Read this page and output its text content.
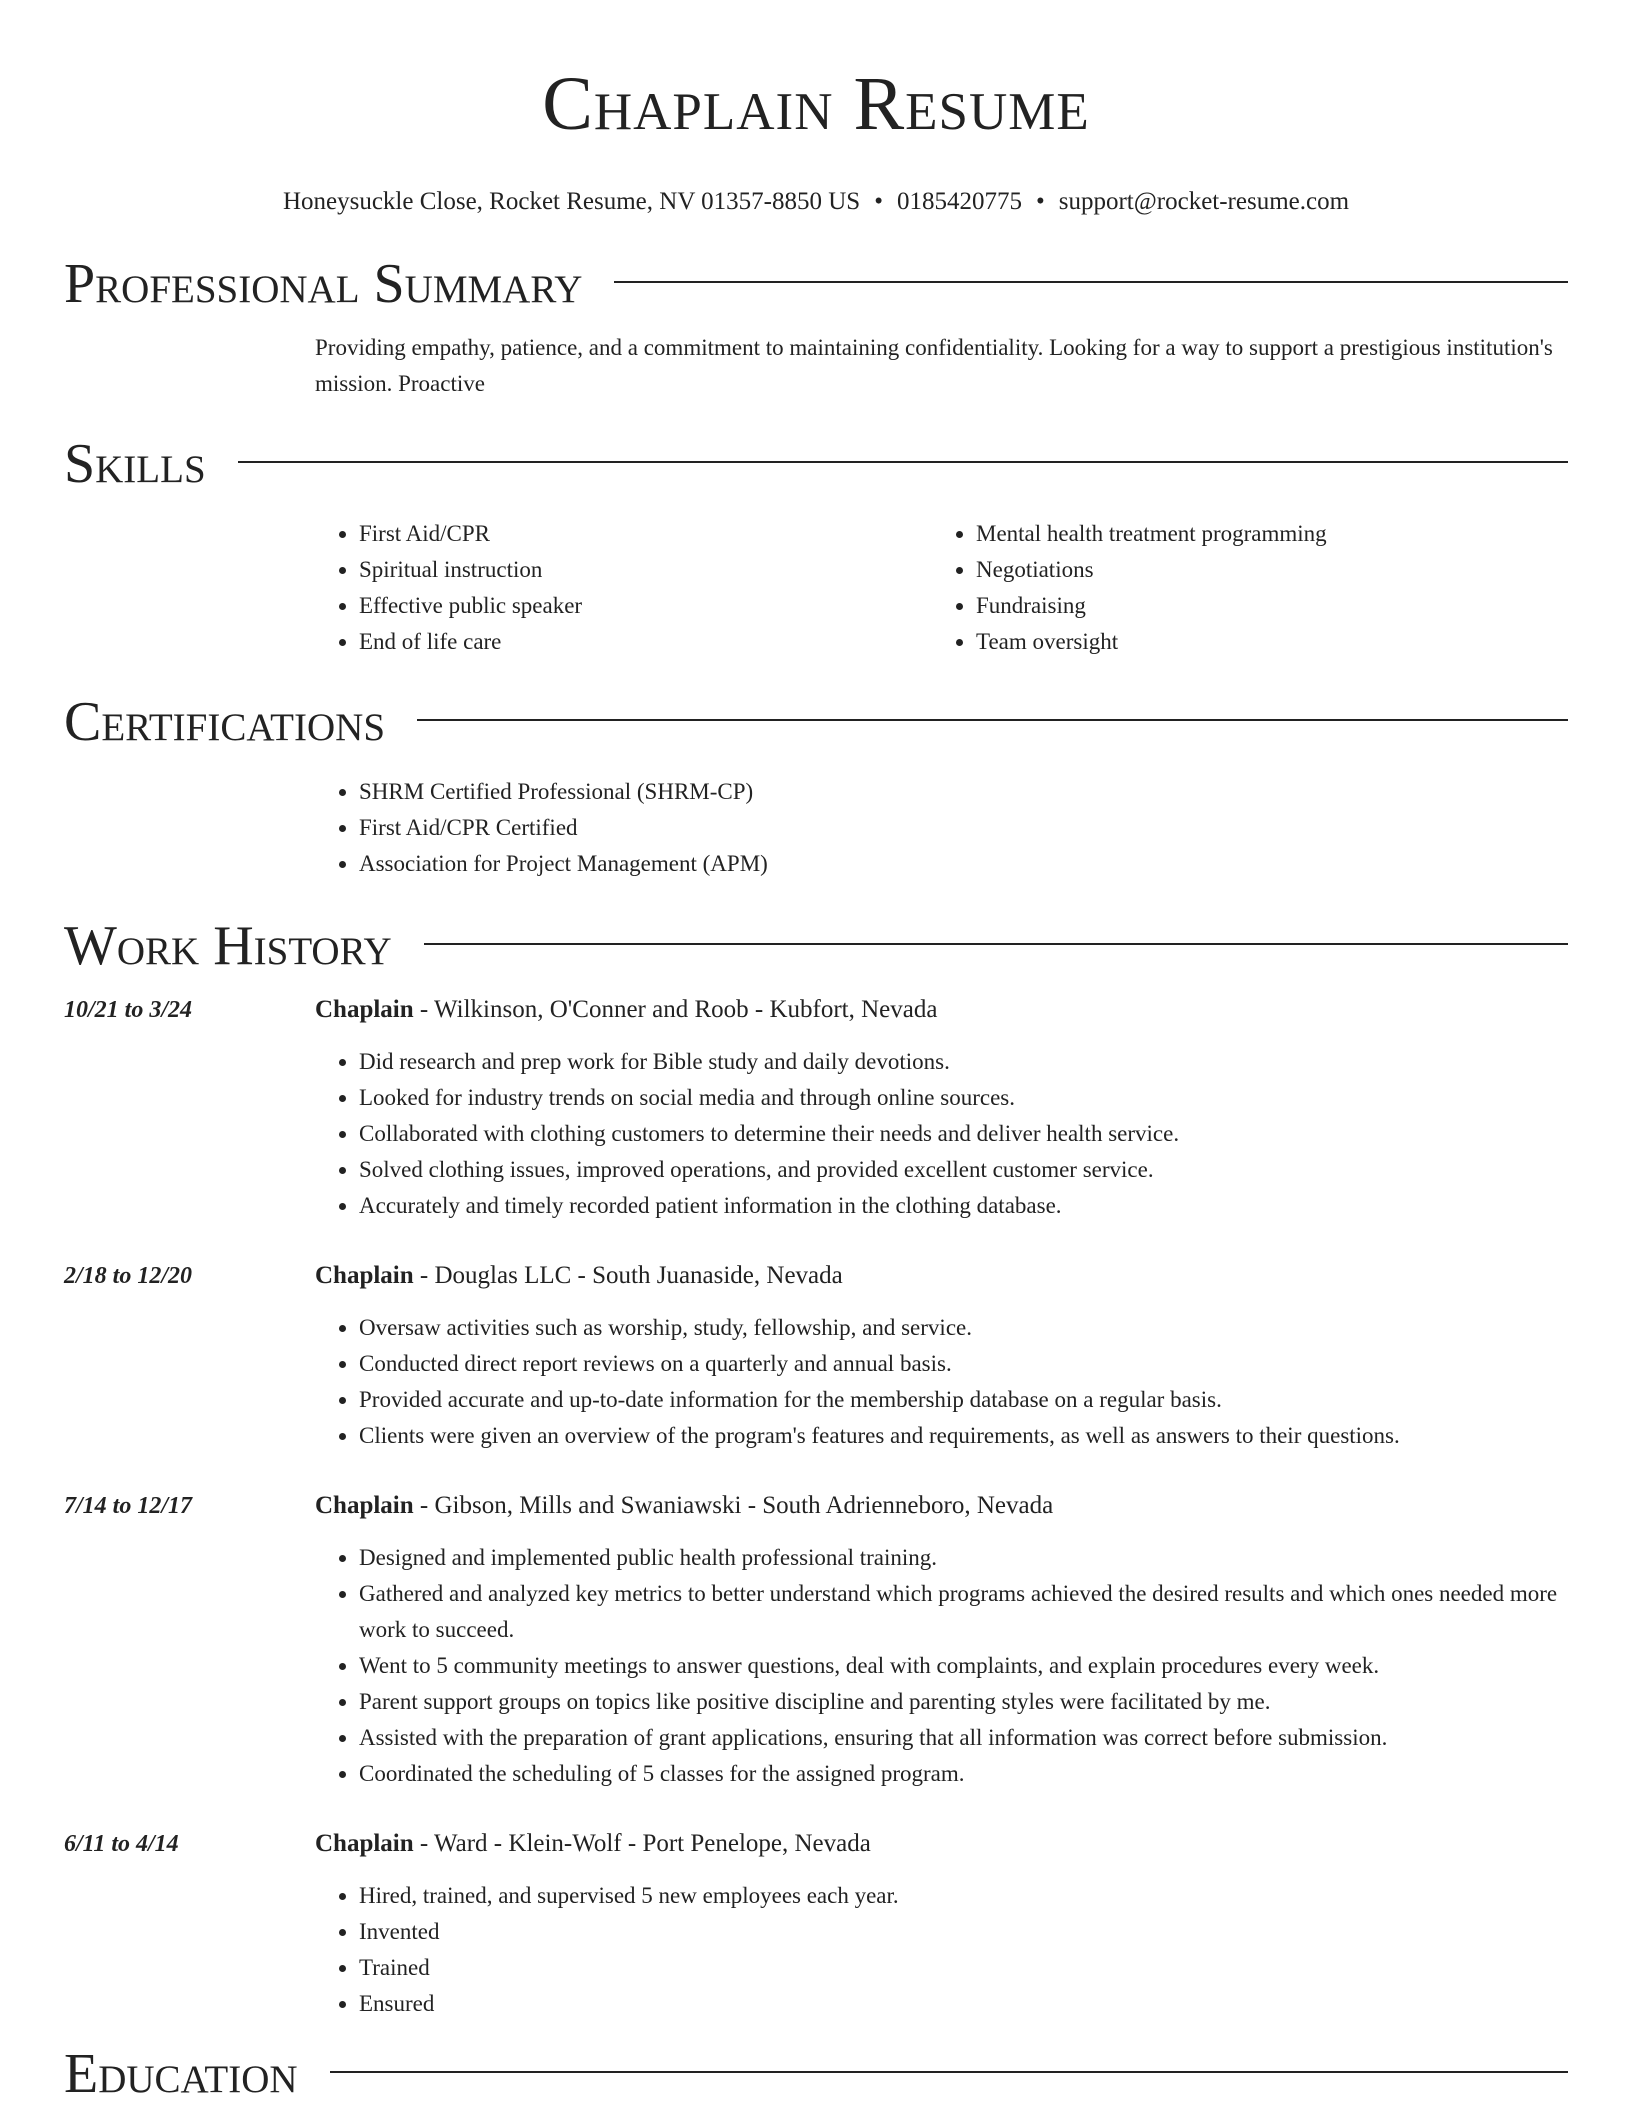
Chaplain Resume
Honeysuckle Close, Rocket Resume, NV 01357-8850 US • 0185420775 • support@rocket-resume.com
Professional Summary

Providing empathy, patience, and a commitment to maintaining confidentiality. Looking for a way to support a prestigious institution's mission. Proactive

Skills
• First Aid/CPR
• Spiritual instruction
• Effective public speaker
• End of life care
• Mental health treatment programming
• Negotiations
• Fundraising
• Team oversight
Certifications
• SHRM Certified Professional (SHRM-CP)
• First Aid/CPR Certified
• Association for Project Management (APM)
Work History
10/21 to 3/24	Chaplain - Wilkinson, O'Conner and Roob - Kubfort, Nevada
• Did research and prep work for Bible study and daily devotions.
• Looked for industry trends on social media and through online sources.
• Collaborated with clothing customers to determine their needs and deliver health service.
• Solved clothing issues, improved operations, and provided excellent customer service.
• Accurately and timely recorded patient information in the clothing database.
2/18 to 12/20	Chaplain - Douglas LLC - South Juanaside, Nevada
• Oversaw activities such as worship, study, fellowship, and service.
• Conducted direct report reviews on a quarterly and annual basis.
• Provided accurate and up-to-date information for the membership database on a regular basis.
• Clients were given an overview of the program's features and requirements, as well as answers to their questions.
7/14 to 12/17	Chaplain - Gibson, Mills and Swaniawski - South Adrienneboro, Nevada
• Designed and implemented public health professional training.
• Gathered and analyzed key metrics to better understand which programs achieved the desired results and which ones needed more work to succeed.
• Went to 5 community meetings to answer questions, deal with complaints, and explain procedures every week.
• Parent support groups on topics like positive discipline and parenting styles were facilitated by me.
• Assisted with the preparation of grant applications, ensuring that all information was correct before submission.
• Coordinated the scheduling of 5 classes for the assigned program.
6/11 to 4/14	Chaplain - Ward - Klein-Wolf - Port Penelope, Nevada
• Hired, trained, and supervised 5 new employees each year.
• Invented
• Trained
• Ensured
Education
